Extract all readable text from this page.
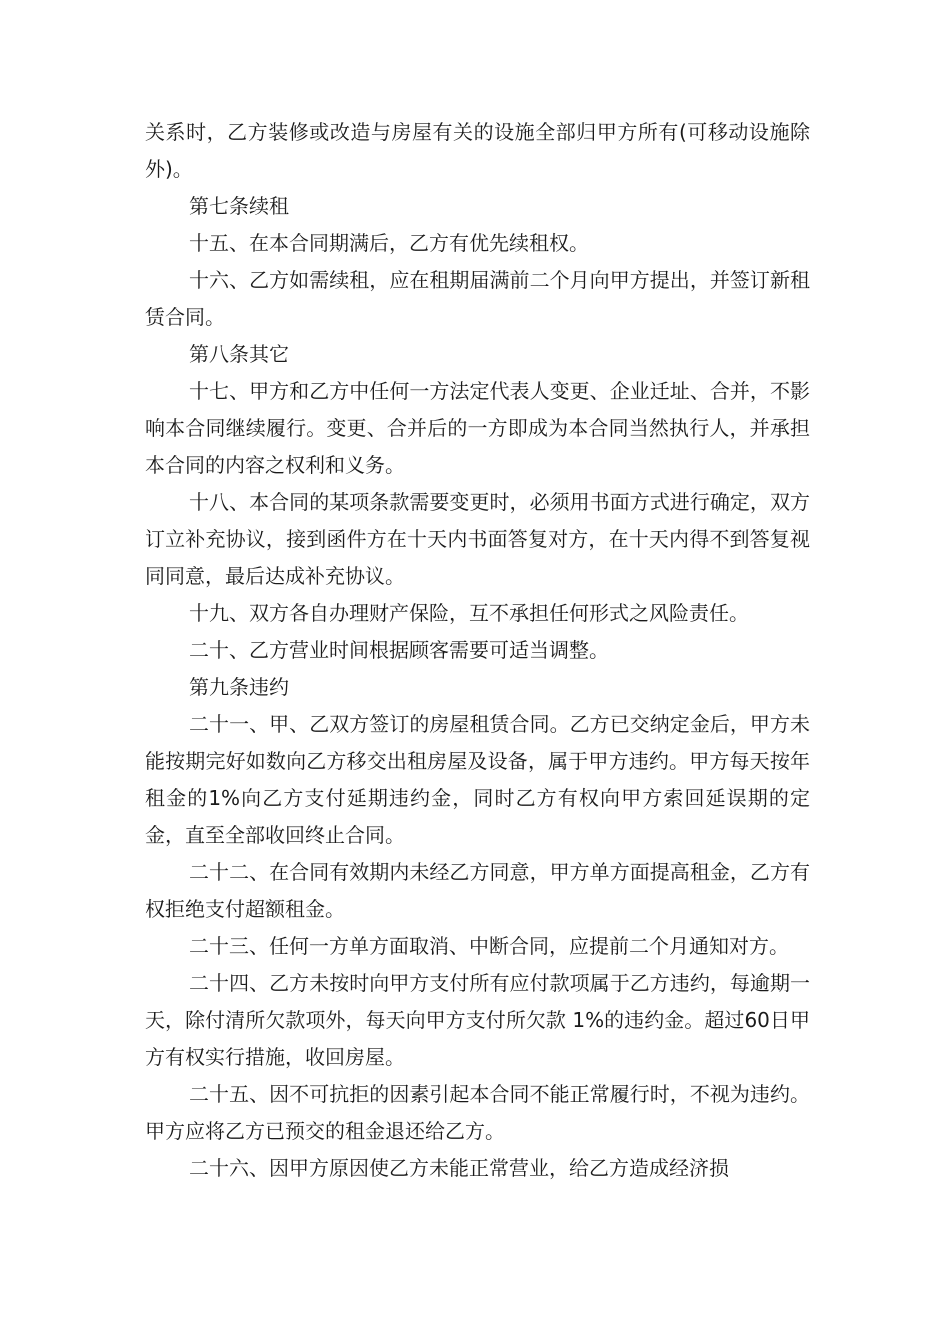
关系时，乙方装修或改造与房屋有关的设施全部归甲方所有(可移动设施除外)。

第七条续租

十五、在本合同期满后，乙方有优先续租权。

十六、乙方如需续租，应在租期届满前二个月向甲方提出，并签订新租赁合同。

第八条其它

十七、甲方和乙方中任何一方法定代表人变更、企业迁址、合并，不影响本合同继续履行。变更、合并后的一方即成为本合同当然执行人，并承担本合同的内容之权利和义务。

十八、本合同的某项条款需要变更时，必须用书面方式进行确定，双方订立补充协议，接到函件方在十天内书面答复对方，在十天内得不到答复视同同意，最后达成补充协议。

十九、双方各自办理财产保险，互不承担任何形式之风险责任。

二十、乙方营业时间根据顾客需要可适当调整。

第九条违约

二十一、甲、乙双方签订的房屋租赁合同。乙方已交纳定金后，甲方未能按期完好如数向乙方移交出租房屋及设备，属于甲方违约。甲方每天按年租金的1%向乙方支付延期违约金，同时乙方有权向甲方索回延误期的定金，直至全部收回终止合同。

二十二、在合同有效期内未经乙方同意，甲方单方面提高租金，乙方有权拒绝支付超额租金。

二十三、任何一方单方面取消、中断合同，应提前二个月通知对方。

二十四、乙方未按时向甲方支付所有应付款项属于乙方违约，每逾期一天，除付清所欠款项外，每天向甲方支付所欠款 1%的违约金。超过60日甲方有权实行措施，收回房屋。

二十五、因不可抗拒的因素引起本合同不能正常履行时，不视为违约。甲方应将乙方已预交的租金退还给乙方。

二十六、因甲方原因使乙方未能正常营业，给乙方造成经济损
